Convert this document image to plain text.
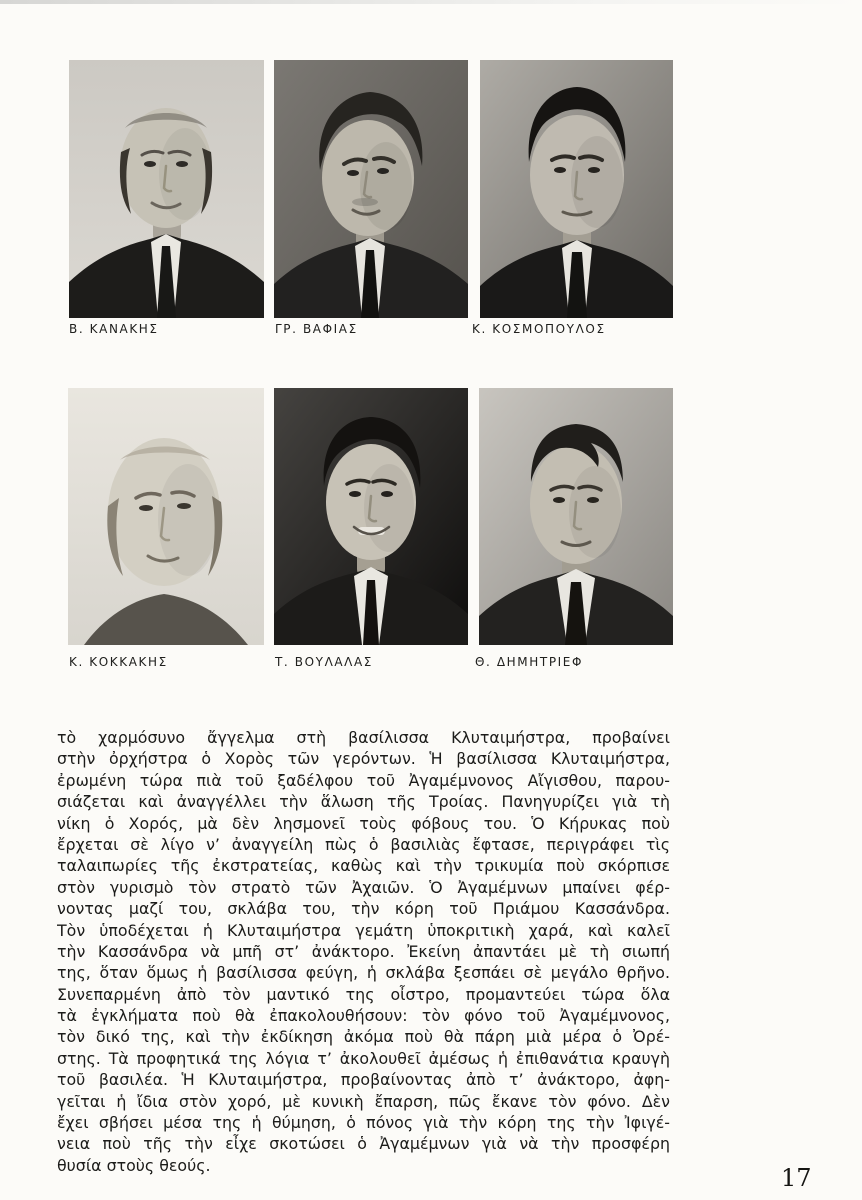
Β. ΚΑΝΑΚΗΣ	ΓΡ. ΒΑΦΙΑΣ	Κ. ΚΟΣΜΟΠΟΥΛΟΣ
Κ. ΚΟΚΚΑΚΗΣ	Τ. ΒΟΥΛΑΛΑΣ	Θ. ΔΗΜΗΤΡΙΕΦ
τὸ χαρμόσυνο ἄγγελμα στὴ βασίλισσα Κλυταιμήστρα, προβαίνει
στὴν ὀρχήστρα ὁ Χορὸς τῶν γερόντων. Ἡ βασίλισσα Κλυταιμήστρα,
ἐρωμένη τώρα πιὰ τοῦ ξαδέλφου τοῦ Ἀγαμέμνονος Αἴγισθου, παρου-
σιάζεται καὶ ἀναγγέλλει τὴν ἅλωση τῆς Τροίας. Πανηγυρίζει γιὰ τὴ
νίκη ὁ Χορός, μὰ δὲν λησμονεῖ τοὺς φόβους του. Ὁ Κήρυκας ποὺ
ἔρχεται σὲ λίγο ν’ ἀναγγείλη πὼς ὁ βασιλιὰς ἔφτασε, περιγράφει τὶς
ταλαιπωρίες τῆς ἐκστρατείας, καθὼς καὶ τὴν τρικυμία ποὺ σκόρπισε
στὸν γυρισμὸ τὸν στρατὸ τῶν Ἀχαιῶν. Ὁ Ἀγαμέμνων μπαίνει φέρ-
νοντας μαζί του, σκλάβα του, τὴν κόρη τοῦ Πριάμου Κασσάνδρα.
Τὸν ὑποδέχεται ἡ Κλυταιμήστρα γεμάτη ὑποκριτικὴ χαρά, καὶ καλεῖ
τὴν Κασσάνδρα νὰ μπῆ στ’ ἀνάκτορο. Ἐκείνη ἀπαντάει μὲ τὴ σιωπή
της, ὅταν ὅμως ἡ βασίλισσα φεύγη, ἡ σκλάβα ξεσπάει σὲ μεγάλο θρῆνο.
Συνεπαρμένη ἀπὸ τὸν μαντικό της οἶστρο, προμαντεύει τώρα ὅλα
τὰ ἐγκλήματα ποὺ θὰ ἐπακολουθήσουν: τὸν φόνο τοῦ Ἀγαμέμνονος,
τὸν δικό της, καὶ τὴν ἐκδίκηση ἀκόμα ποὺ θὰ πάρη μιὰ μέρα ὁ Ὀρέ-
στης. Τὰ προφητικά της λόγια τ’ ἀκολουθεῖ ἀμέσως ἡ ἐπιθανάτια κραυγὴ
τοῦ βασιλέα. Ἡ Κλυταιμήστρα, προβαίνοντας ἀπὸ τ’ ἀνάκτορο, ἀφη-
γεῖται ἡ ἴδια στὸν χορό, μὲ κυνικὴ ἔπαρση, πῶς ἔκανε τὸν φόνο. Δὲν
ἔχει σβήσει μέσα της ἡ θύμηση, ὁ πόνος γιὰ τὴν κόρη της τὴν Ἰφιγέ-
νεια ποὺ τῆς τὴν εἶχε σκοτώσει ὁ Ἀγαμέμνων γιὰ νὰ τὴν προσφέρη
θυσία στοὺς θεούς.	17
